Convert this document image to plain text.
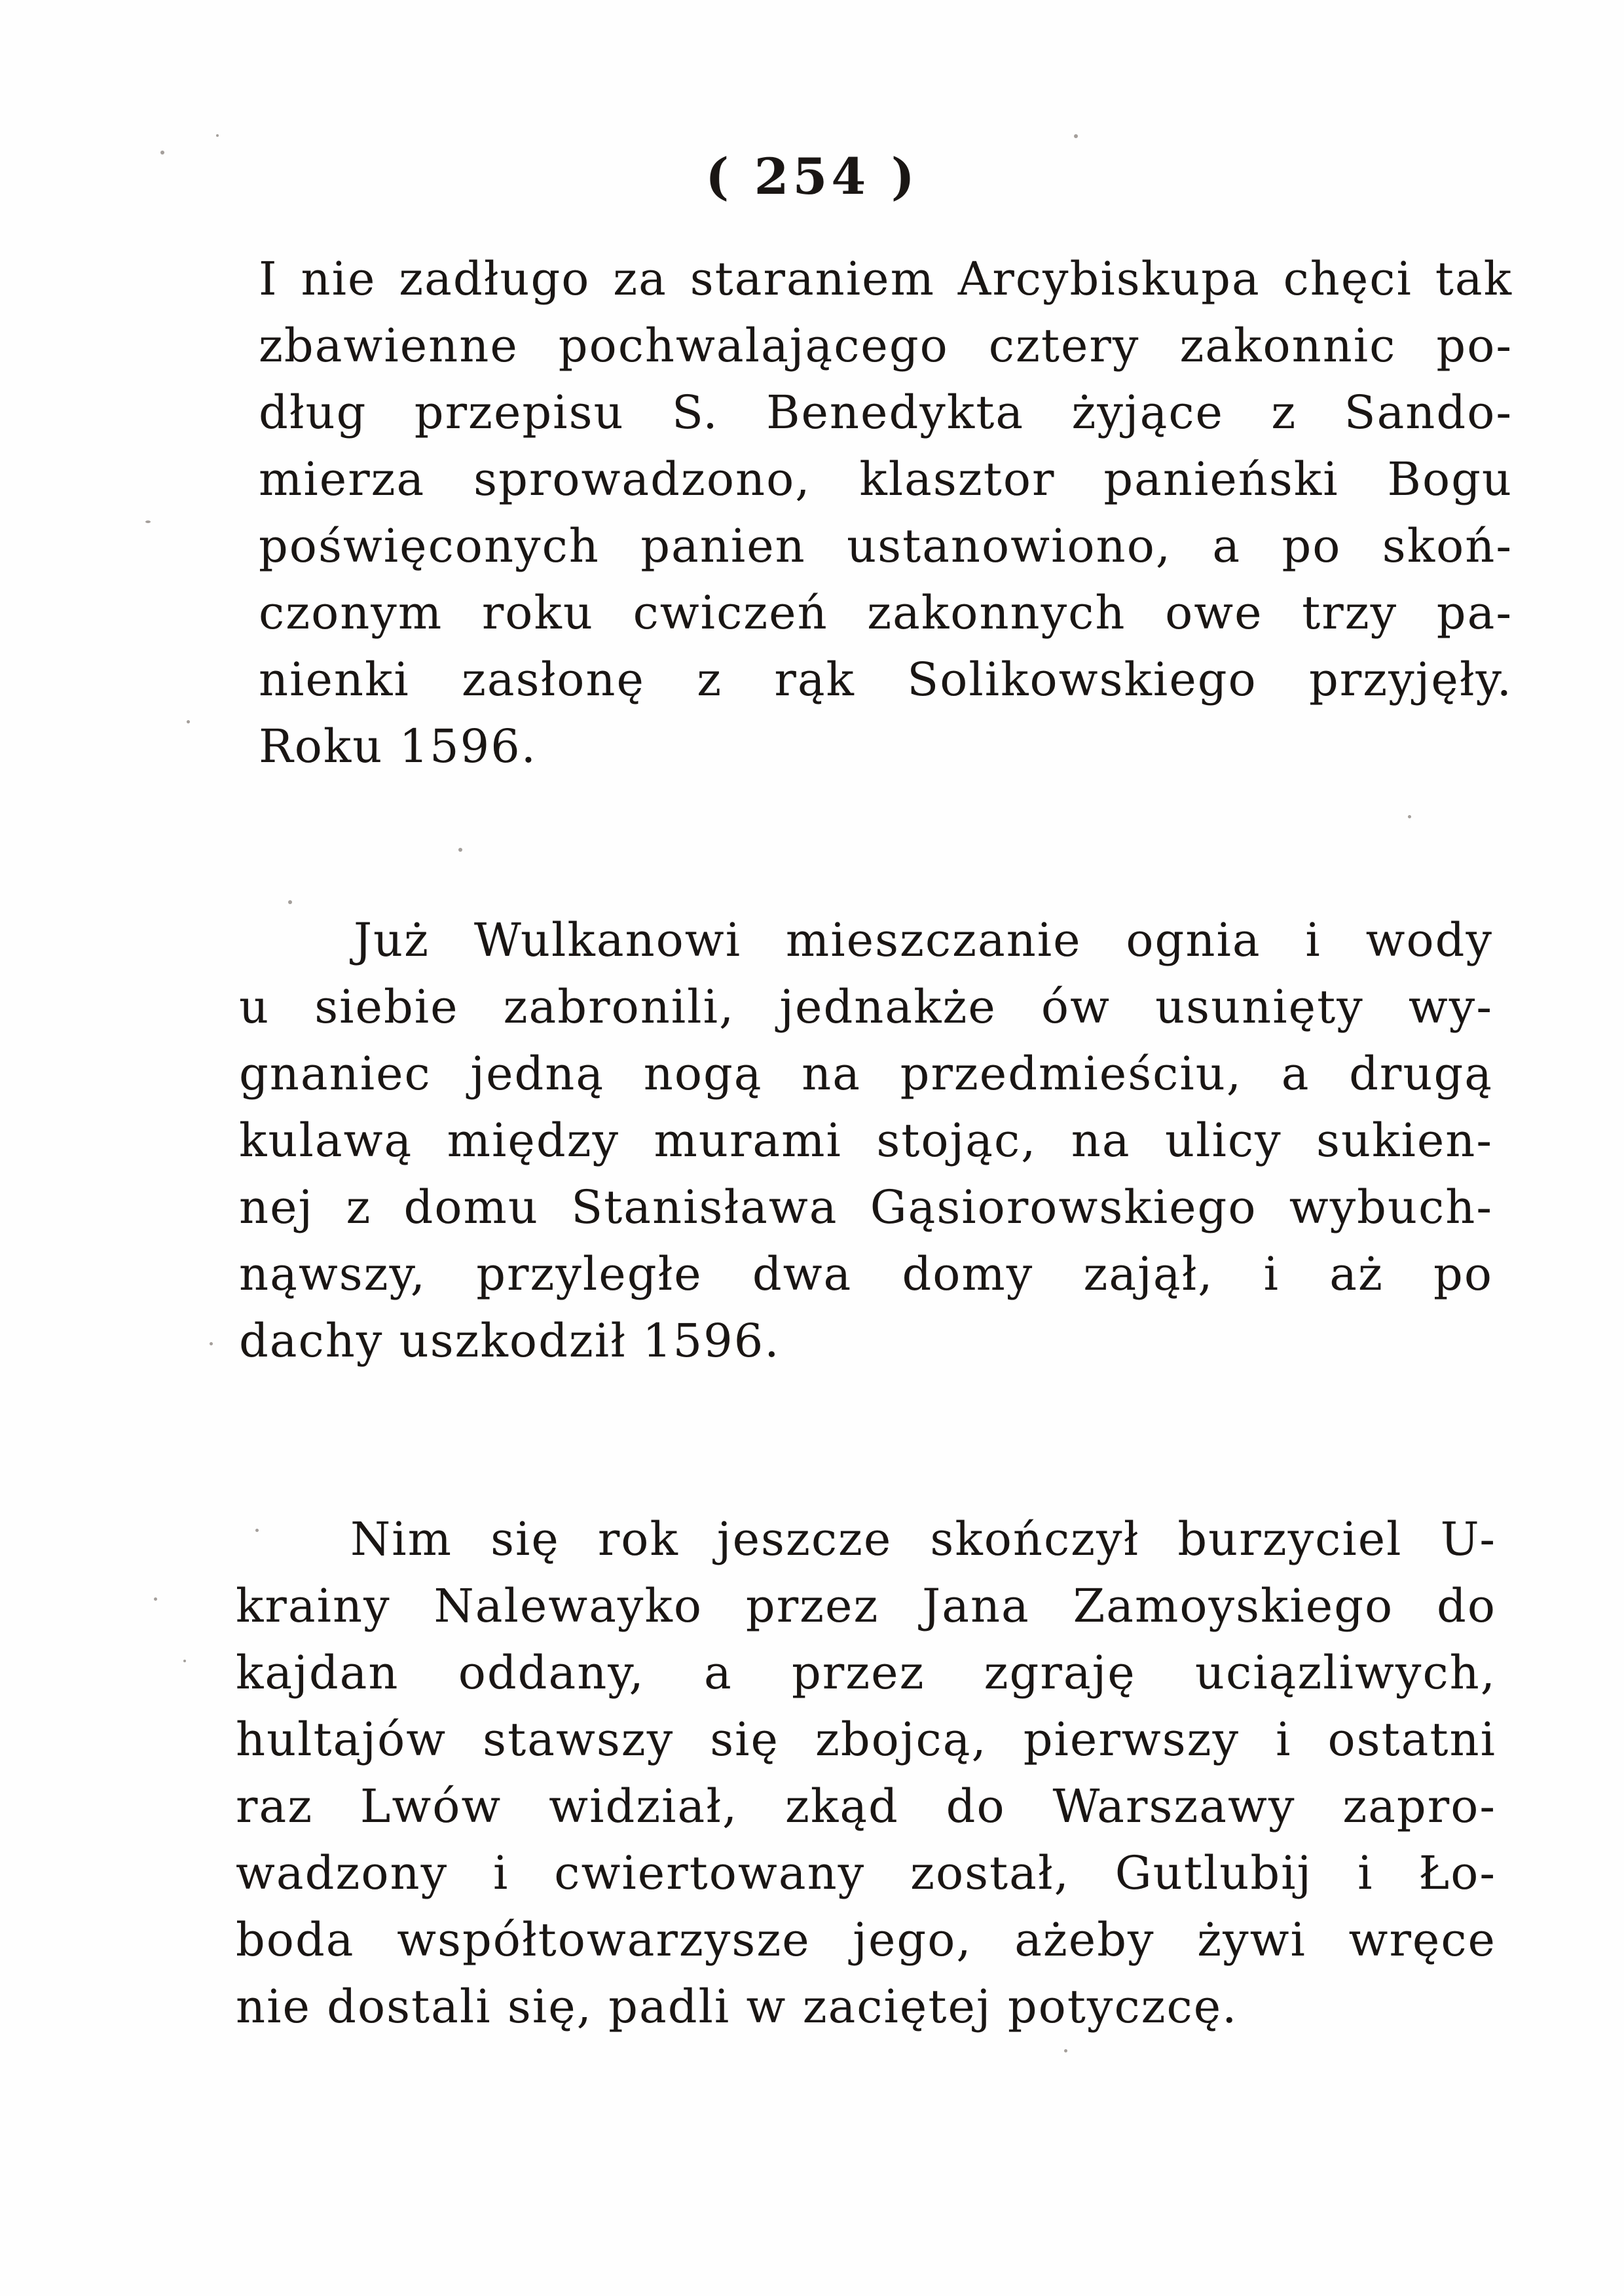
( 254 )
I nie zadługo za staraniem Arcybiskupa chęci tak
zbawienne pochwalającego cztery zakonnic po-
dług przepisu S. Benedykta żyjące z Sando-
mierza sprowadzono, klasztor panieński Bogu
poświęconych panien ustanowiono, a po skoń-
czonym roku cwiczeń zakonnych owe trzy pa-
nienki zasłonę z rąk Solikowskiego przyjęły.
Roku 1596.
Już Wulkanowi mieszczanie ognia i wody
u siebie zabronili, jednakże ów usunięty wy-
gnaniec jedną nogą na przedmieściu, a drugą
kulawą między murami stojąc, na ulicy sukien-
nej z domu Stanisława Gąsiorowskiego wybuch-
nąwszy, przyległe dwa domy zajął, i aż po
dachy uszkodził 1596.
Nim się rok jeszcze skończył burzyciel U-
krainy Nalewayko przez Jana Zamoyskiego do
kajdan oddany, a przez zgraję uciązliwych,
hultajów stawszy się zbojcą, pierwszy i ostatni
raz Lwów widział, zkąd do Warszawy zapro-
wadzony i cwiertowany został, Gutlubij i Ło-
boda współtowarzysze jego, ażeby żywi wręce
nie dostali się, padli w zaciętej potyczcę.
